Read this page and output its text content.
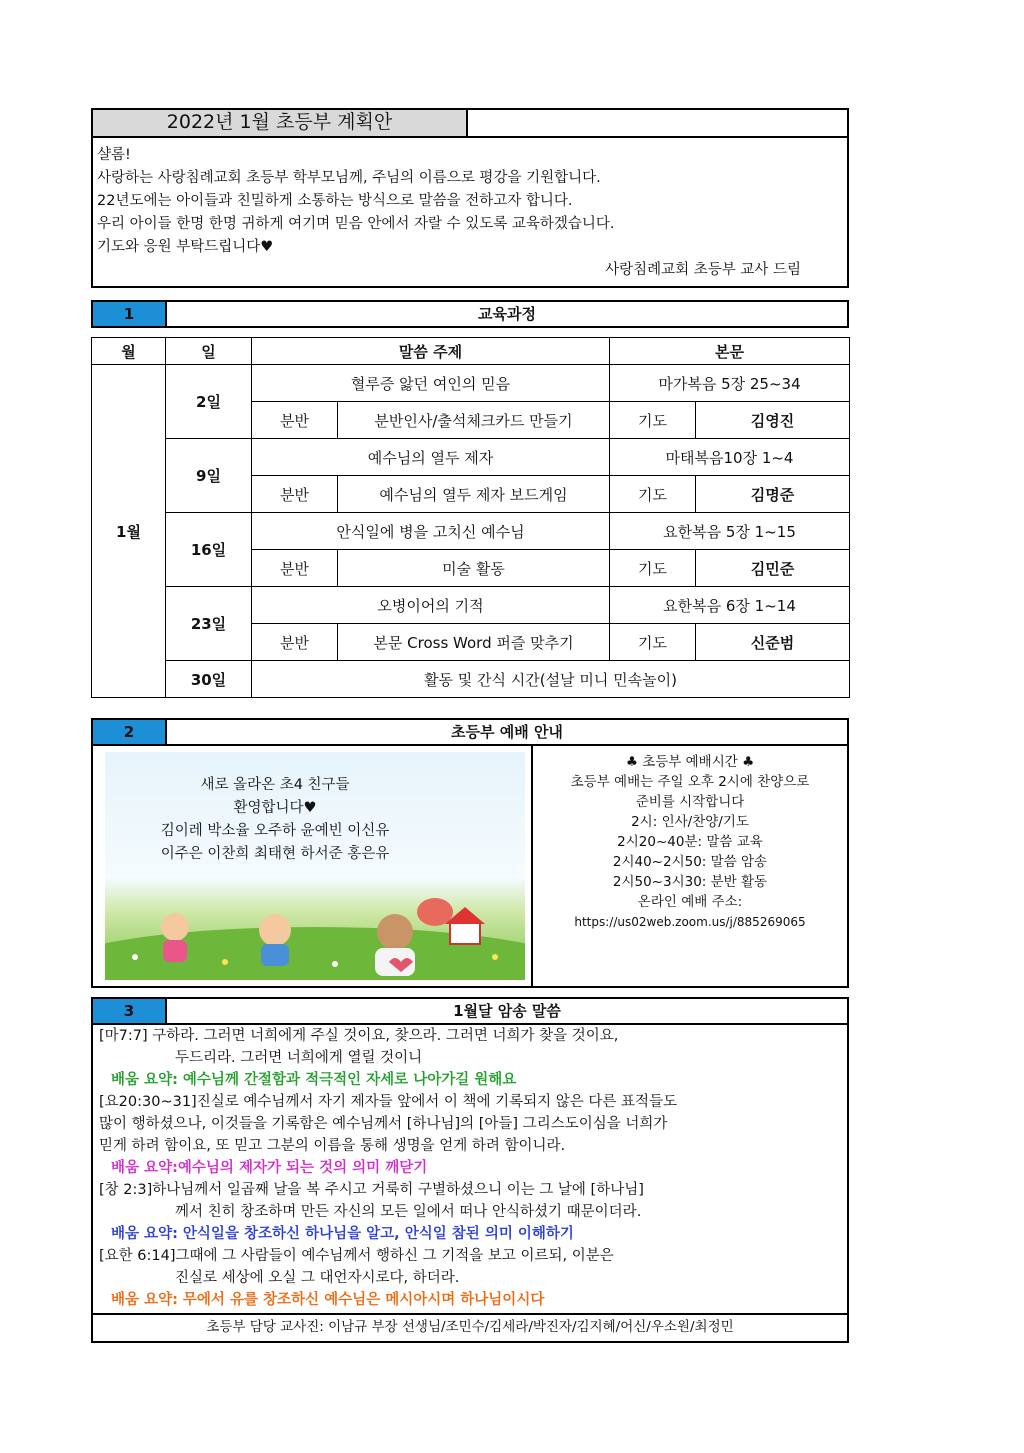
2022년 1월 초등부 계획안
샬롬!
사랑하는 사랑침례교회 초등부 학부모님께, 주님의 이름으로 평강을 기원합니다.
22년도에는 아이들과 친밀하게 소통하는 방식으로 말씀을 전하고자 합니다.
우리 아이들 한명 한명 귀하게 여기며 믿음 안에서 자랄 수 있도록 교육하겠습니다.
기도와 응원 부탁드립니다♥
사랑침례교회 초등부 교사 드림
1	교육과정
월	일	말씀 주제		본문	
1월	2일	혈루증 앓던 여인의 믿음		마가복음 5장 25~34	
		분반	분반인사/출석체크카드 만들기	기도	김영진
	9일	예수님의 열두 제자		마태복음10장 1~4	
		분반	예수님의 열두 제자 보드게임	기도	김명준
	16일	안식일에 병을 고치신 예수님		요한복음 5장 1~15	
		분반	미술 활동	기도	김민준
	23일	오병이어의 기적		요한복음 6장 1~14	
		분반	본문 Cross Word 퍼즐 맞추기	기도	신준범
	30일	활동 및 간식 시간(설날 미니 민속놀이)			
2	초등부 예배 안내
새로 올라온 초4 친구들
환영합니다♥
김이레 박소율 오주하 윤예빈 이신유
이주은 이찬희 최태현 하서준 홍은유
♣ 초등부 예배시간 ♣
초등부 예배는 주일 오후 2시에 찬양으로
준비를 시작합니다
2시: 인사/찬양/기도
2시20~40분: 말씀 교육
2시40~2시50: 말씀 암송
2시50~3시30: 분반 활동
온라인 예배 주소:
https://us02web.zoom.us/j/885269065
3	1월달 암송 말씀
[마7:7] 구하라. 그러면 너희에게 주실 것이요, 찾으라. 그러면 너희가 찾을 것이요,
두드리라. 그러면 너희에게 열릴 것이니
배움 요약: 예수님께 간절함과 적극적인 자세로 나아가길 원해요
[요20:30~31]진실로 예수님께서 자기 제자들 앞에서 이 책에 기록되지 않은 다른 표적들도
많이 행하셨으나, 이것들을 기록함은 예수님께서 [하나님]의 [아들] 그리스도이심을 너희가
믿게 하려 함이요, 또 믿고 그분의 이름을 통해 생명을 얻게 하려 함이니라.
배움 요약:예수님의 제자가 되는 것의 의미 깨닫기
[창 2:3]하나님께서 일곱째 날을 복 주시고 거룩히 구별하셨으니 이는 그 날에 [하나님]
께서 친히 창조하며 만든 자신의 모든 일에서 떠나 안식하셨기 때문이더라.
배움 요약: 안식일을 창조하신 하나님을 알고, 안식일 참된 의미 이해하기
[요한 6:14]그때에 그 사람들이 예수님께서 행하신 그 기적을 보고 이르되, 이분은
진실로 세상에 오실 그 대언자시로다, 하더라.
배움 요약: 무에서 유를 창조하신 예수님은 메시아시며 하나님이시다
초등부 담당 교사진: 이남규 부장 선생님/조민수/김세라/박진자/김지혜/어신/우소원/최정민
